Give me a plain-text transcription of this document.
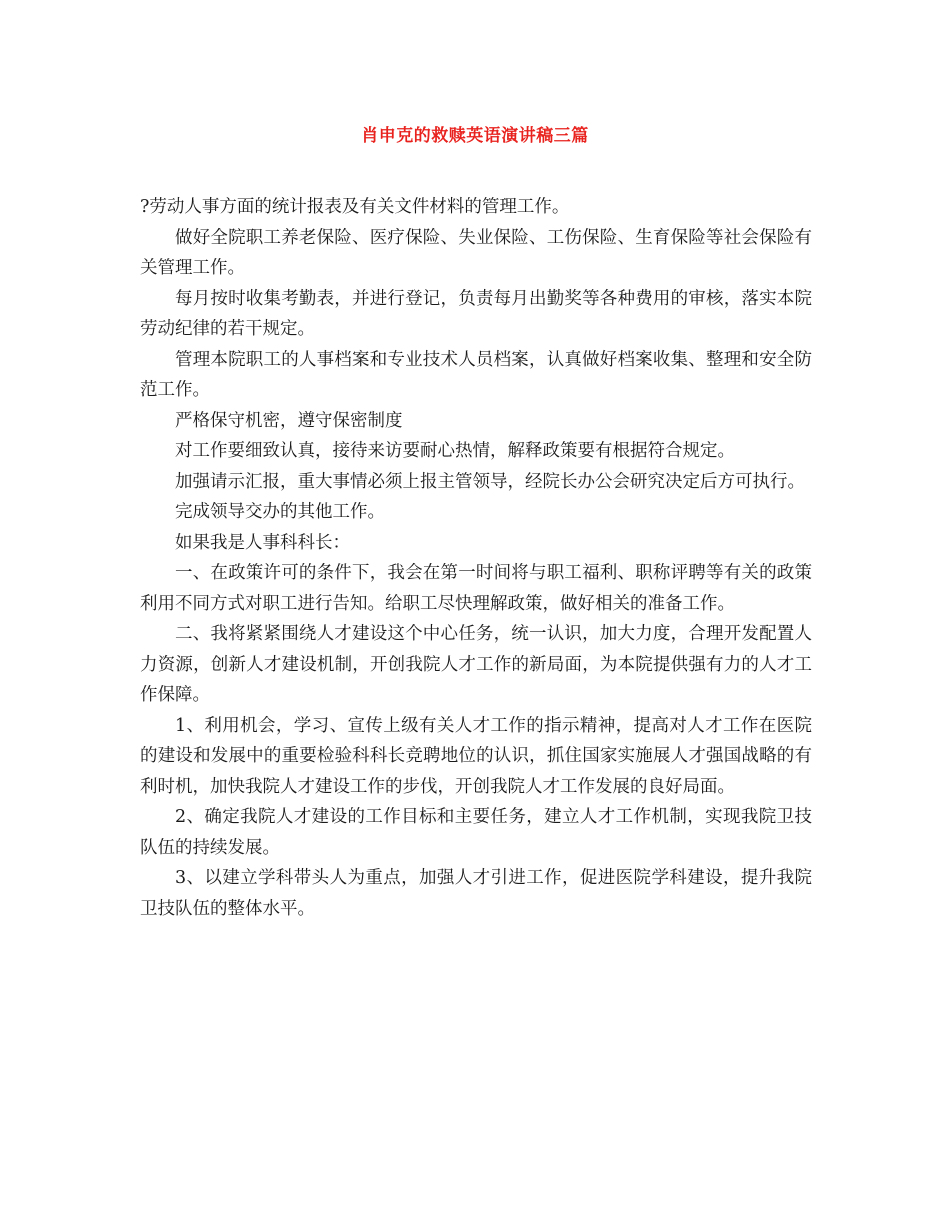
肖申克的救赎英语演讲稿三篇

?劳动人事方面的统计报表及有关文件材料的管理工作。

做好全院职工养老保险、医疗保险、失业保险、工伤保险、生育保险等社会保险有关管理工作。

每月按时收集考勤表，并进行登记，负责每月出勤奖等各种费用的审核，落实本院劳动纪律的若干规定。

管理本院职工的人事档案和专业技术人员档案，认真做好档案收集、整理和安全防范工作。

严格保守机密，遵守保密制度

对工作要细致认真，接待来访要耐心热情，解释政策要有根据符合规定。

加强请示汇报，重大事情必须上报主管领导，经院长办公会研究决定后方可执行。

完成领导交办的其他工作。

如果我是人事科科长：

一、在政策许可的条件下，我会在第一时间将与职工福利、职称评聘等有关的政策利用不同方式对职工进行告知。给职工尽快理解政策，做好相关的准备工作。

二、我将紧紧围绕人才建设这个中心任务，统一认识，加大力度，合理开发配置人力资源，创新人才建设机制，开创我院人才工作的新局面，为本院提供强有力的人才工作保障。

1、利用机会，学习、宣传上级有关人才工作的指示精神，提高对人才工作在医院的建设和发展中的重要检验科科长竞聘地位的认识，抓住国家实施展人才强国战略的有利时机，加快我院人才建设工作的步伐，开创我院人才工作发展的良好局面。

2、确定我院人才建设的工作目标和主要任务，建立人才工作机制，实现我院卫技队伍的持续发展。

3、以建立学科带头人为重点，加强人才引进工作，促进医院学科建设，提升我院卫技队伍的整体水平。
